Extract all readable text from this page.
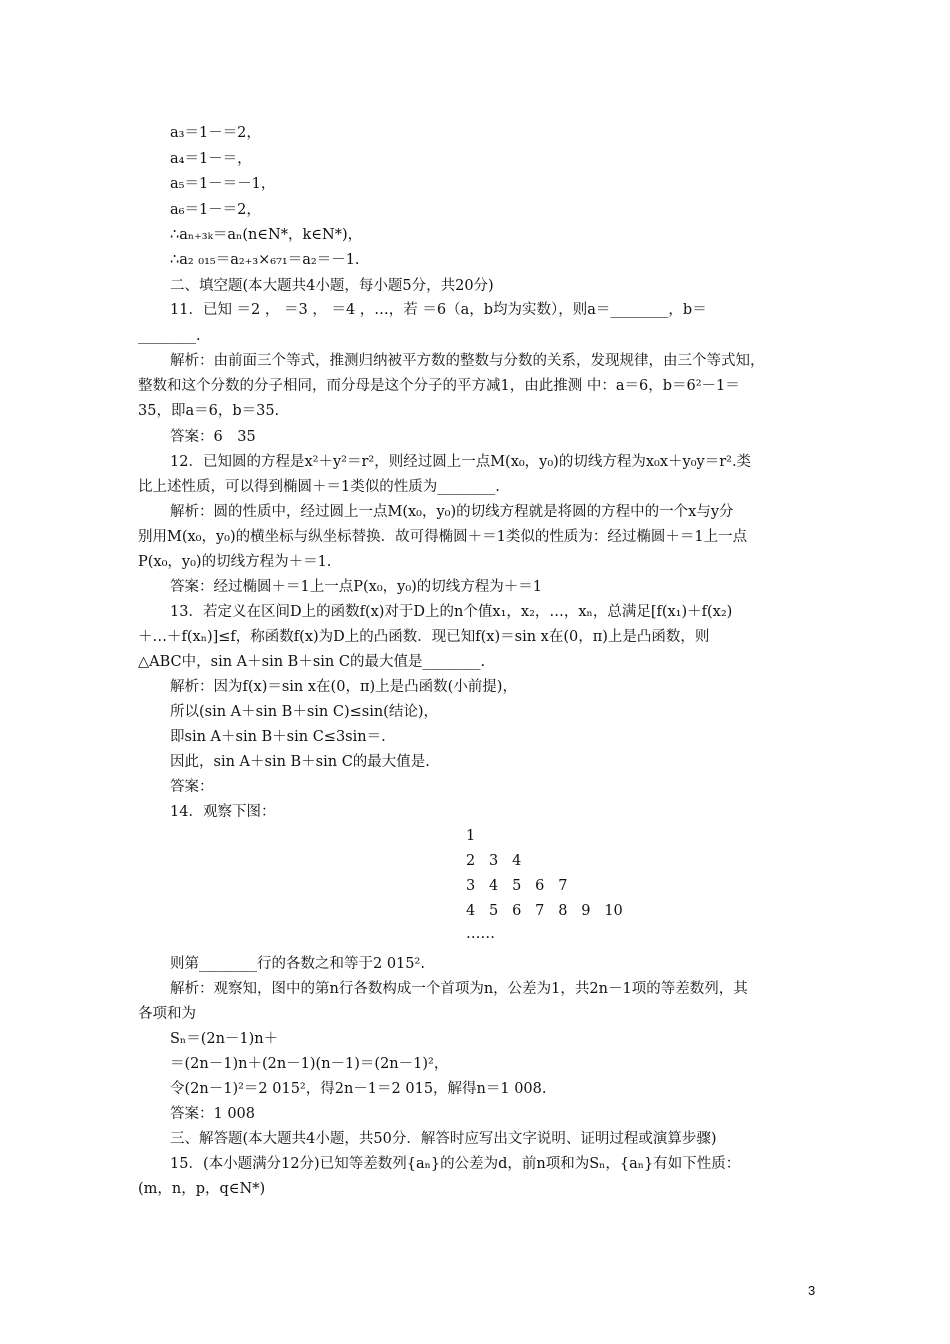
a₃＝1－＝2，
a₄＝1－＝，
a₅＝1－＝－1，
a₆＝1－＝2，
∴aₙ₊₃ₖ＝aₙ(n∈N*，k∈N*)，
∴a₂ ₀₁₅＝a₂₊₃×₆₇₁＝a₂＝－1.
二、填空题(本大题共4小题，每小题5分，共20分)
11．已知 ＝2 ， ＝3 ， ＝4 ，…，若 ＝6（a，b均为实数），则a＝________，b＝
________.
解析：由前面三个等式，推测归纳被平方数的整数与分数的关系，发现规律，由三个等式知，
整数和这个分数的分子相同，而分母是这个分子的平方减1，由此推测 中：a＝6，b＝6²－1＝
35，即a＝6，b＝35.
答案：6　35
12．已知圆的方程是x²＋y²＝r²，则经过圆上一点M(x₀，y₀)的切线方程为x₀x＋y₀y＝r².类
比上述性质，可以得到椭圆＋＝1类似的性质为________.
解析：圆的性质中，经过圆上一点M(x₀，y₀)的切线方程就是将圆的方程中的一个x与y分
别用M(x₀，y₀)的横坐标与纵坐标替换．故可得椭圆＋＝1类似的性质为：经过椭圆＋＝1上一点
P(x₀，y₀)的切线方程为＋＝1.
答案：经过椭圆＋＝1上一点P(x₀，y₀)的切线方程为＋＝1
13．若定义在区间D上的函数f(x)对于D上的n个值x₁，x₂，…，xₙ，总满足[f(x₁)＋f(x₂)
＋…＋f(xₙ)]≤f，称函数f(x)为D上的凸函数．现已知f(x)＝sin x在(0，π)上是凸函数，则
△ABC中，sin A＋sin B＋sin C的最大值是________.
解析：因为f(x)＝sin x在(0，π)上是凸函数(小前提)，
所以(sin A＋sin B＋sin C)≤sin(结论)，
即sin A＋sin B＋sin C≤3sin＝.
因此，sin A＋sin B＋sin C的最大值是.
答案：
14．观察下图：
1
2   3   4
3   4   5   6   7
4   5   6   7   8   9   10
……
则第________行的各数之和等于2 015².
解析：观察知，图中的第n行各数构成一个首项为n，公差为1，共2n－1项的等差数列，其
各项和为
Sₙ＝(2n－1)n＋
＝(2n－1)n＋(2n－1)(n－1)＝(2n－1)²，
令(2n－1)²＝2 015²，得2n－1＝2 015，解得n＝1 008.
答案：1 008
三、解答题(本大题共4小题，共50分．解答时应写出文字说明、证明过程或演算步骤)
15．(本小题满分12分)已知等差数列{aₙ}的公差为d，前n项和为Sₙ，{aₙ}有如下性质：
(m，n，p，q∈N*)
3
